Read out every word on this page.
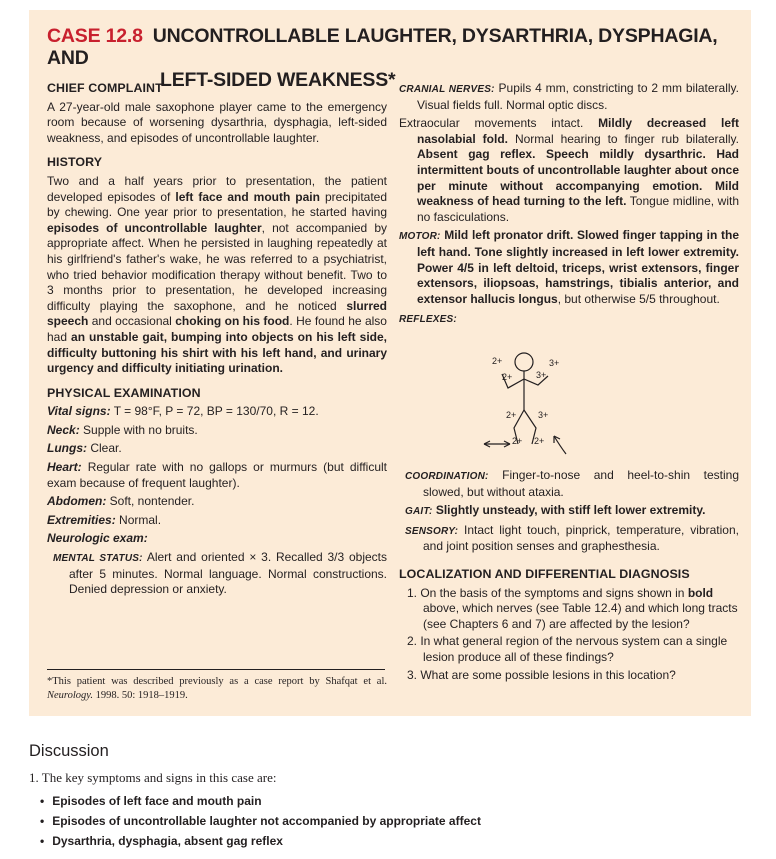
CASE 12.8 UNCONTROLLABLE LAUGHTER, DYSARTHRIA, DYSPHAGIA, AND
LEFT-SIDED WEAKNESS*
CHIEF COMPLAINT
A 27-year-old male saxophone player came to the emergency room because of worsening dysarthria, dysphagia, left-sided weakness, and episodes of uncontrollable laughter.
HISTORY
Two and a half years prior to presentation, the patient developed episodes of left face and mouth pain precipitated by chewing. One year prior to presentation, he started having episodes of uncontrollable laughter, not accompanied by appropriate affect. When he persisted in laughing repeatedly at his girlfriend's father's wake, he was referred to a psychiatrist, who tried behavior modification therapy without benefit. Two to 3 months prior to presentation, he developed increasing difficulty playing the saxophone, and he noticed slurred speech and occasional choking on his food. He found he also had an unstable gait, bumping into objects on his left side, difficulty buttoning his shirt with his left hand, and urinary urgency and difficulty initiating urination.
PHYSICAL EXAMINATION
Vital signs: T = 98°F, P = 72, BP = 130/70, R = 12.
Neck: Supple with no bruits.
Lungs: Clear.
Heart: Regular rate with no gallops or murmurs (but difficult exam because of frequent laughter).
Abdomen: Soft, nontender.
Extremities: Normal.
Neurologic exam:
MENTAL STATUS: Alert and oriented × 3. Recalled 3/3 objects after 5 minutes. Normal language. Normal constructions. Denied depression or anxiety.
*This patient was described previously as a case report by Shafqat et al. Neurology. 1998. 50: 1918–1919.
CRANIAL NERVES: Pupils 4 mm, constricting to 2 mm bilaterally. Visual fields full. Normal optic discs.
Extraocular movements intact. Mildly decreased left nasolabial fold. Normal hearing to finger rub bilaterally. Absent gag reflex. Speech mildly dysarthric. Had intermittent bouts of uncontrollable laughter about once per minute without accompanying emotion. Mild weakness of head turning to the left. Tongue midline, with no fasciculations.
MOTOR: Mild left pronator drift. Slowed finger tapping in the left hand. Tone slightly increased in left lower extremity. Power 4/5 in left deltoid, triceps, wrist extensors, finger extensors, iliopsoas, hamstrings, tibialis anterior, and extensor hallucis longus, but otherwise 5/5 throughout.
REFLEXES:
2+	3+
2+	3+
2+ 3+
2+ 2+
COORDINATION: Finger-to-nose and heel-to-shin testing slowed, but without ataxia.
GAIT: Slightly unsteady, with stiff left lower extremity.
SENSORY: Intact light touch, pinprick, temperature, vibration, and joint position senses and graphesthesia.
LOCALIZATION AND DIFFERENTIAL DIAGNOSIS
1. On the basis of the symptoms and signs shown in bold above, which nerves (see Table 12.4) and which long tracts (see Chapters 6 and 7) are affected by the lesion?
2. In what general region of the nervous system can a single lesion produce all of these findings?
3. What are some possible lesions in this location?
Discussion
1. The key symptoms and signs in this case are:
• Episodes of left face and mouth pain
• Episodes of uncontrollable laughter not accompanied by appropriate affect
• Dysarthria, dysphagia, absent gag reflex
